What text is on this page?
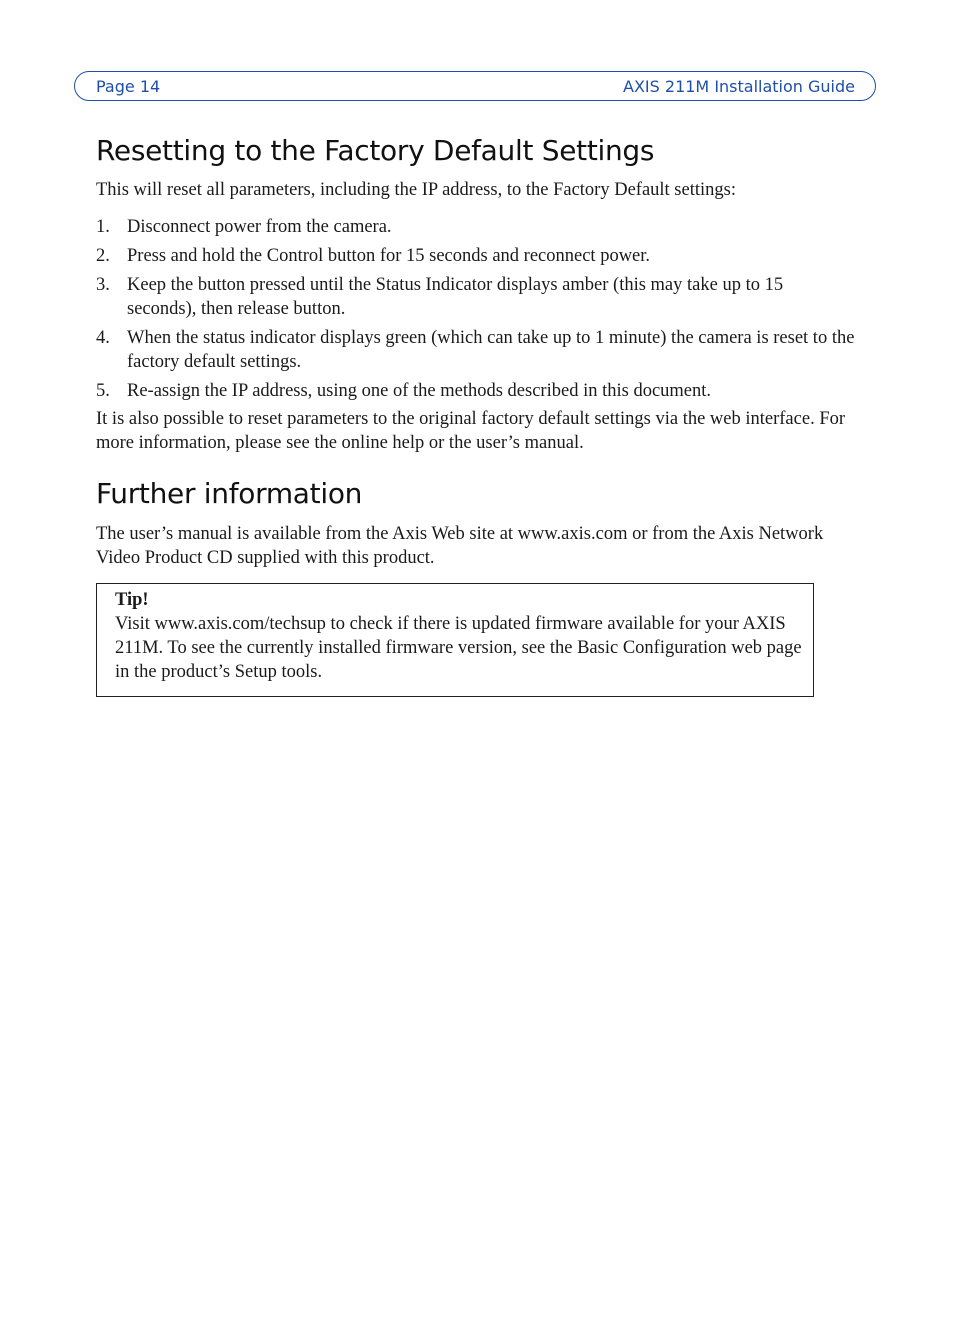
Page 14	AXIS 211M Installation Guide
Resetting to the Factory Default Settings

This will reset all parameters, including the IP address, to the Factory Default settings:

1. Disconnect power from the camera.
2. Press and hold the Control button for 15 seconds and reconnect power.
3. Keep the button pressed until the Status Indicator displays amber (this may take up to 15 seconds), then release button.
4. When the status indicator displays green (which can take up to 1 minute) the camera is reset to the factory default settings.
5. Re-assign the IP address, using one of the methods described in this document.

It is also possible to reset parameters to the original factory default settings via the web interface. For more information, please see the online help or the user’s manual.

Further information

The user’s manual is available from the Axis Web site at www.axis.com or from the Axis Network Video Product CD supplied with this product.

Tip!
Visit www.axis.com/techsup to check if there is updated firmware available for your AXIS 211M. To see the currently installed firmware version, see the Basic Configuration web page in the product’s Setup tools.
